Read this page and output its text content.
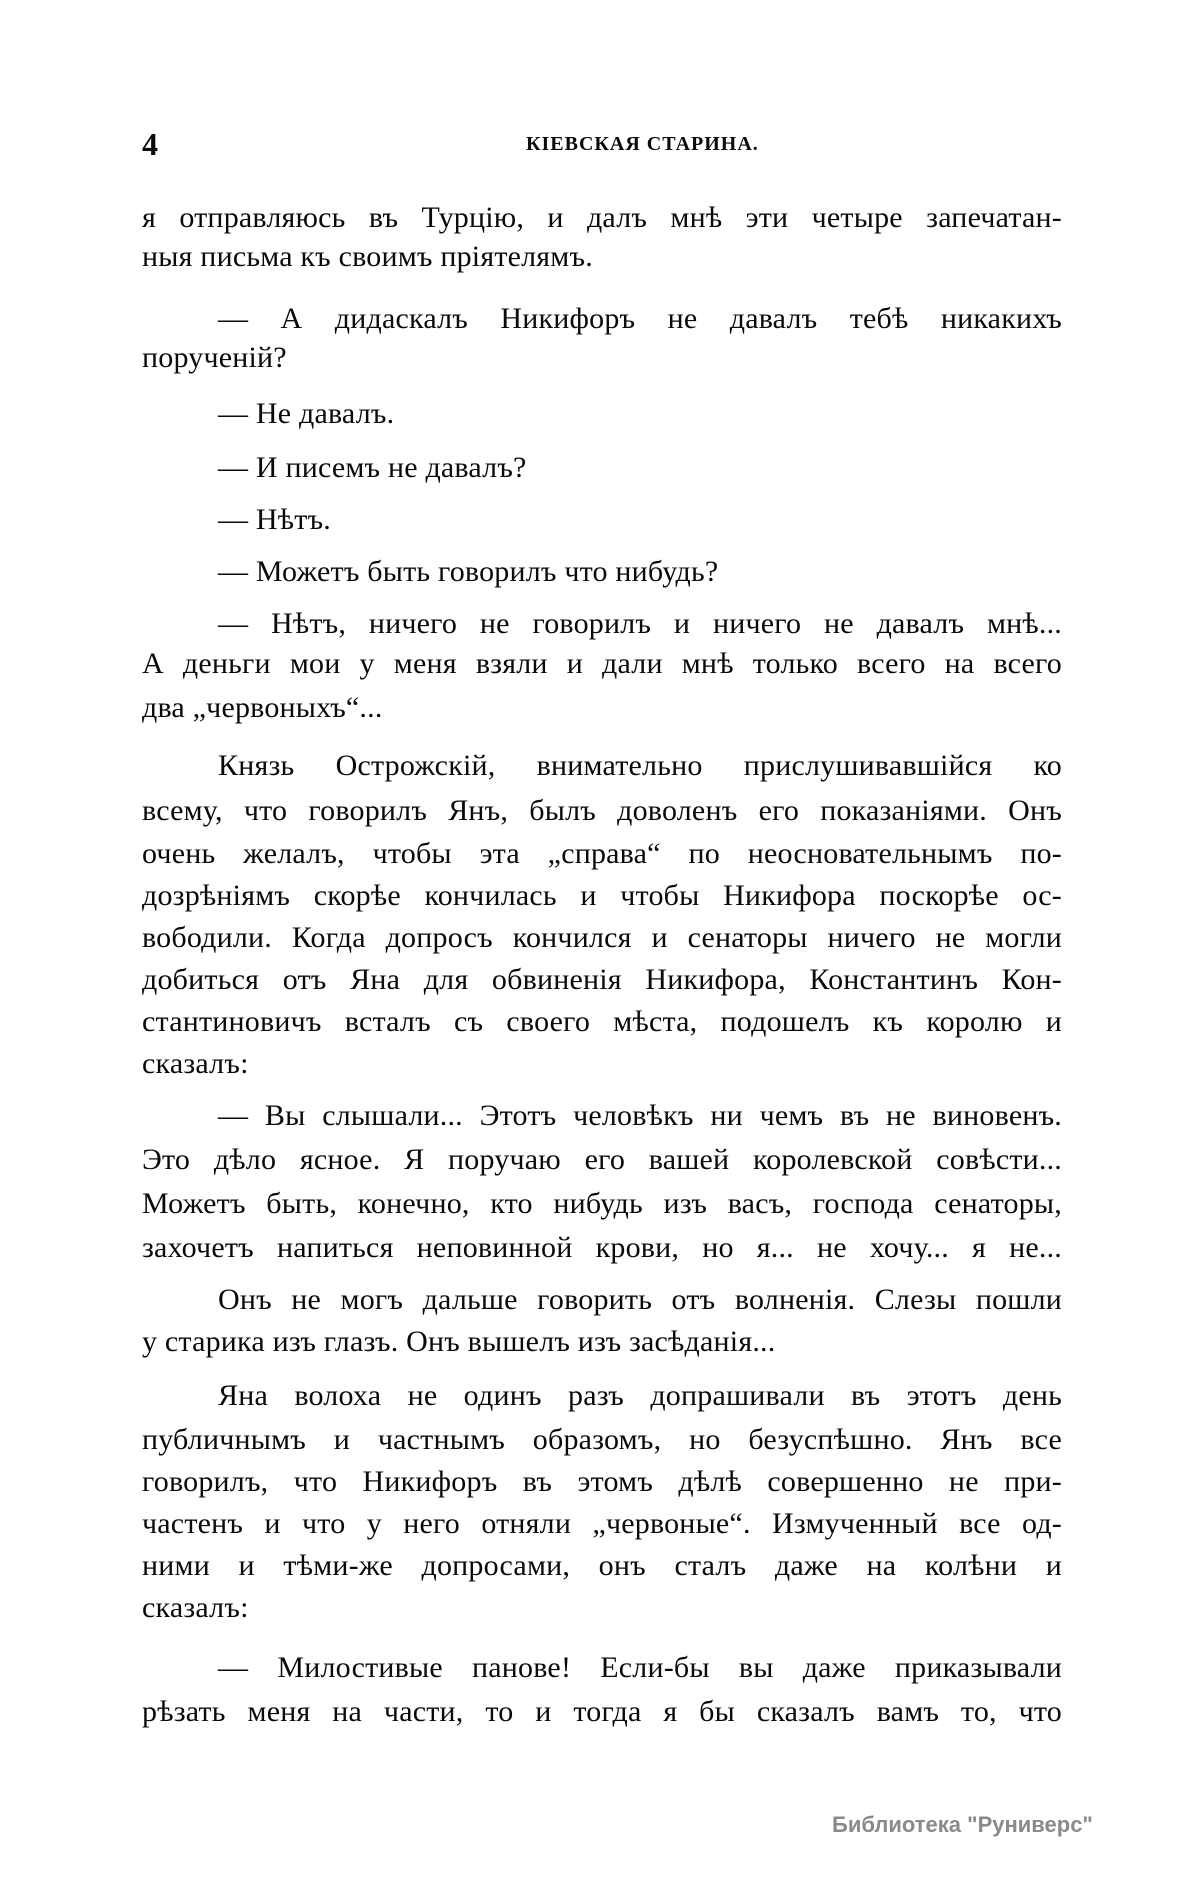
4	КІЕВСКАЯ СТАРИНА.
я отправляюсь въ Турцію, и далъ мнѣ эти четыре запечатан-
ныя письма къ своимъ пріятелямъ.
— А дидаскалъ Никифоръ не давалъ тебѣ никакихъ
порученій?
— Не давалъ.
— И писемъ не давалъ?
— Нѣтъ.
— Можетъ быть говорилъ что нибудь?
— Нѣтъ, ничего не говорилъ и ничего не давалъ мнѣ...
А деньги мои у меня взяли и дали мнѣ только всего на всего
два „червоныхъ“...
Князь Острожскій, внимательно прислушивавшійся ко
всему, что говорилъ Янъ, былъ доволенъ его показаніями. Онъ
очень желалъ, чтобы эта „справа“ по неосновательнымъ по-
дозрѣніямъ скорѣе кончилась и чтобы Никифора поскорѣе ос-
вободили. Когда допросъ кончился и сенаторы ничего не могли
добиться отъ Яна для обвиненія Никифора, Константинъ Кон-
стантиновичъ всталъ съ своего мѣста, подошелъ къ королю и
сказалъ:
— Вы слышали... Этотъ человѣкъ ни чемъ въ не виновенъ.
Это дѣло ясное. Я поручаю его вашей королевской совѣсти...
Можетъ быть, конечно, кто нибудь изъ васъ, господа сенаторы,
захочетъ напиться неповинной крови, но я... не хочу... я не...
Онъ не могъ дальше говорить отъ волненія. Слезы пошли
у старика изъ глазъ. Онъ вышелъ изъ засѣданія...
Яна волоха не одинъ разъ допрашивали въ этотъ день
публичнымъ и частнымъ образомъ, но безуспѣшно. Янъ все
говорилъ, что Никифоръ въ этомъ дѣлѣ совершенно не при-
частенъ и что у него отняли „червоные“. Измученный все од-
ними и тѣми-же допросами, онъ сталъ даже на колѣни и
сказалъ:
— Милостивые панове! Если-бы вы даже приказывали
рѣзать меня на части, то и тогда я бы сказалъ вамъ то, что
Библиотека "Руниверс"
